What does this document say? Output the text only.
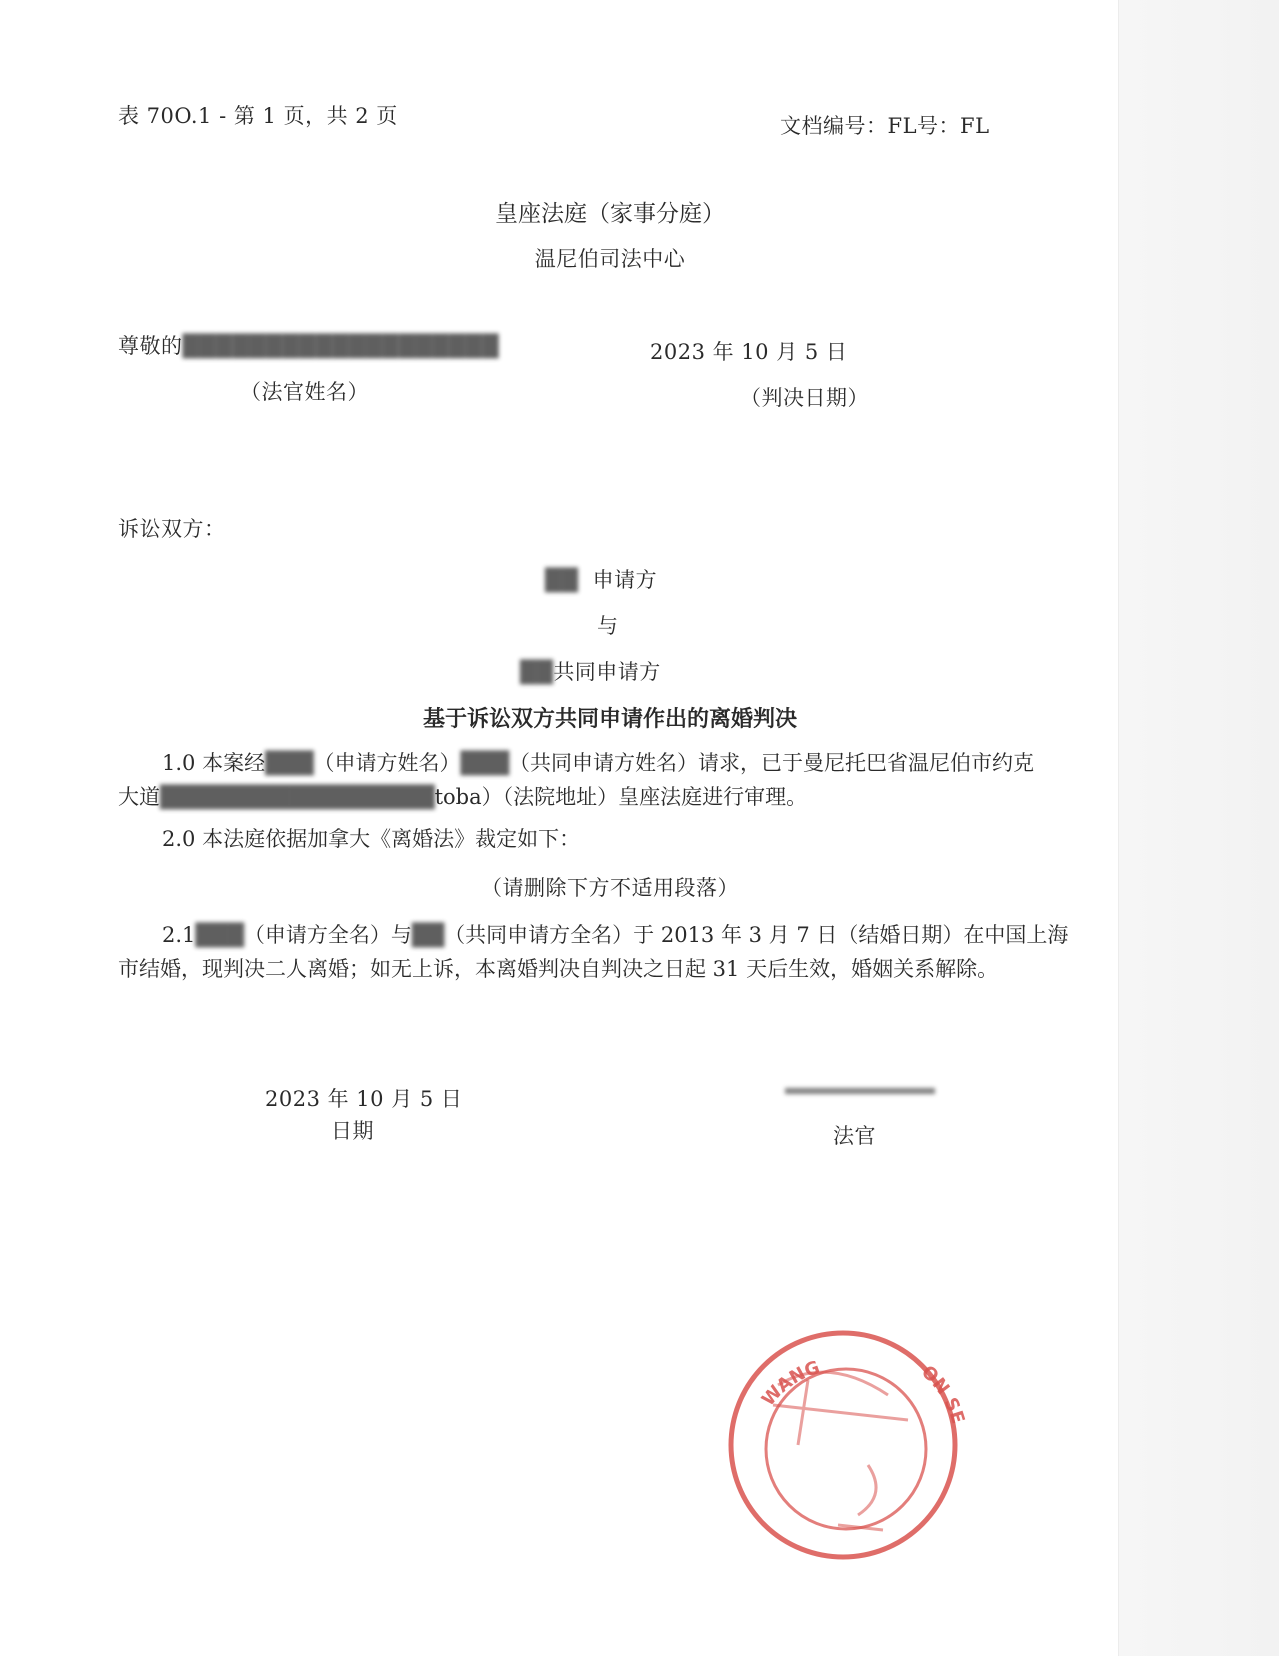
表 70O.1 - 第 1 页，共 2 页	文档编号：FL号：FL
皇座法庭（家事分庭）
温尼伯司法中心
尊敬的███████████████████
（法官姓名）
2023 年 10 月 5 日
（判决日期）
诉讼双方：
██ 申请方
与
██共同申请方
基于诉讼双方共同申请作出的离婚判决
1.0 本案经███（申请方姓名）███（共同申请方姓名）请求，已于曼尼托巴省温尼伯市约克
大道█████████████████toba）（法院地址）皇座法庭进行审理。
2.0 本法庭依据加拿大《离婚法》裁定如下：
（请删除下方不适用段落）
2.1███（申请方全名）与██（共同申请方全名）于 2013 年 3 月 7 日（结婚日期）在中国上海
市结婚，现判决二人离婚；如无上诉，本离婚判决自判决之日起 31 天后生效，婚姻关系解除。
2023 年 10 月 5 日
日期	法官
WANG	ON SE
